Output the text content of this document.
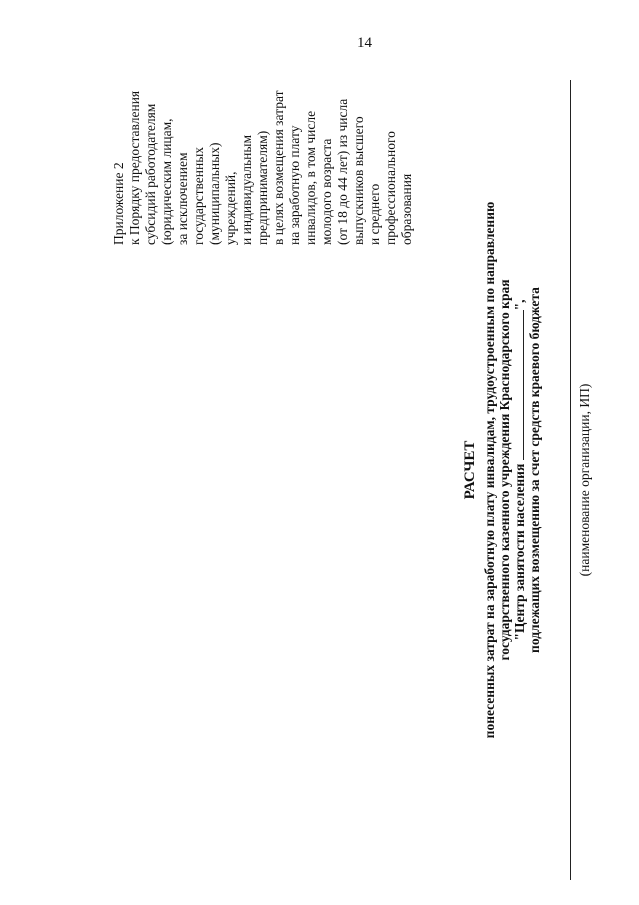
14
Приложение 2 к Порядку предоставления субсидий работодателям (юридическим лицам, за исключением государственных (муниципальных) учреждений, и индивидуальным предпринимателям) в целях возмещения затрат на заработную плату инвалидов, в том числе молодого возраста (от 18 до 44 лет) из числа выпускников высшего и среднего профессионального образования
РАСЧЕТ понесенных затрат на заработную плату инвалидам, трудоустроенным по направлению государственного казенного учреждения Краснодарского края "Центр занятости населения ", подлежащих возмещению за счет средств краевого бюджета	(наименование организации, ИП)
